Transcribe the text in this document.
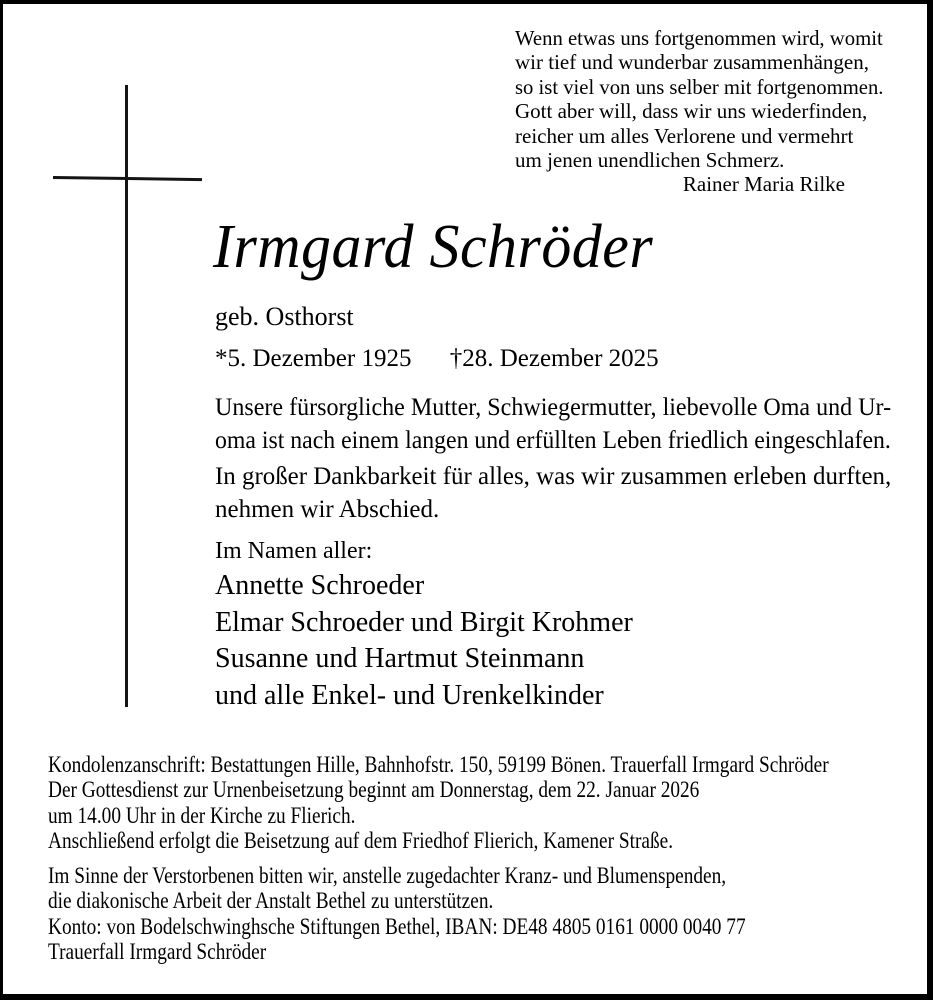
Wenn etwas uns fortgenommen wird, womit
wir tief und wunderbar zusammenhängen,
so ist viel von uns selber mit fortgenommen.
Gott aber will, dass wir uns wiederfinden,
reicher um alles Verlorene und vermehrt
um jenen unendlichen Schmerz.
Rainer Maria Rilke
Irmgard Schröder
geb. Osthorst
*5. Dezember 1925 †28. Dezember 2025
Unsere fürsorgliche Mutter, Schwiegermutter, liebevolle Oma und Ur-
oma ist nach einem langen und erfüllten Leben friedlich eingeschlafen.
In großer Dankbarkeit für alles, was wir zusammen erleben durften,
nehmen wir Abschied.
Im Namen aller:
Annette Schroeder
Elmar Schroeder und Birgit Krohmer
Susanne und Hartmut Steinmann
und alle Enkel- und Urenkelkinder
Kondolenzanschrift: Bestattungen Hille, Bahnhofstr. 150, 59199 Bönen. Trauerfall Irmgard Schröder
Der Gottesdienst zur Urnenbeisetzung beginnt am Donnerstag, dem 22. Januar 2026
um 14.00 Uhr in der Kirche zu Flierich.
Anschließend erfolgt die Beisetzung auf dem Friedhof Flierich, Kamener Straße.
Im Sinne der Verstorbenen bitten wir, anstelle zugedachter Kranz- und Blumenspenden,
die diakonische Arbeit der Anstalt Bethel zu unterstützen.
Konto: von Bodelschwinghsche Stiftungen Bethel, IBAN: DE48 4805 0161 0000 0040 77
Trauerfall Irmgard Schröder
